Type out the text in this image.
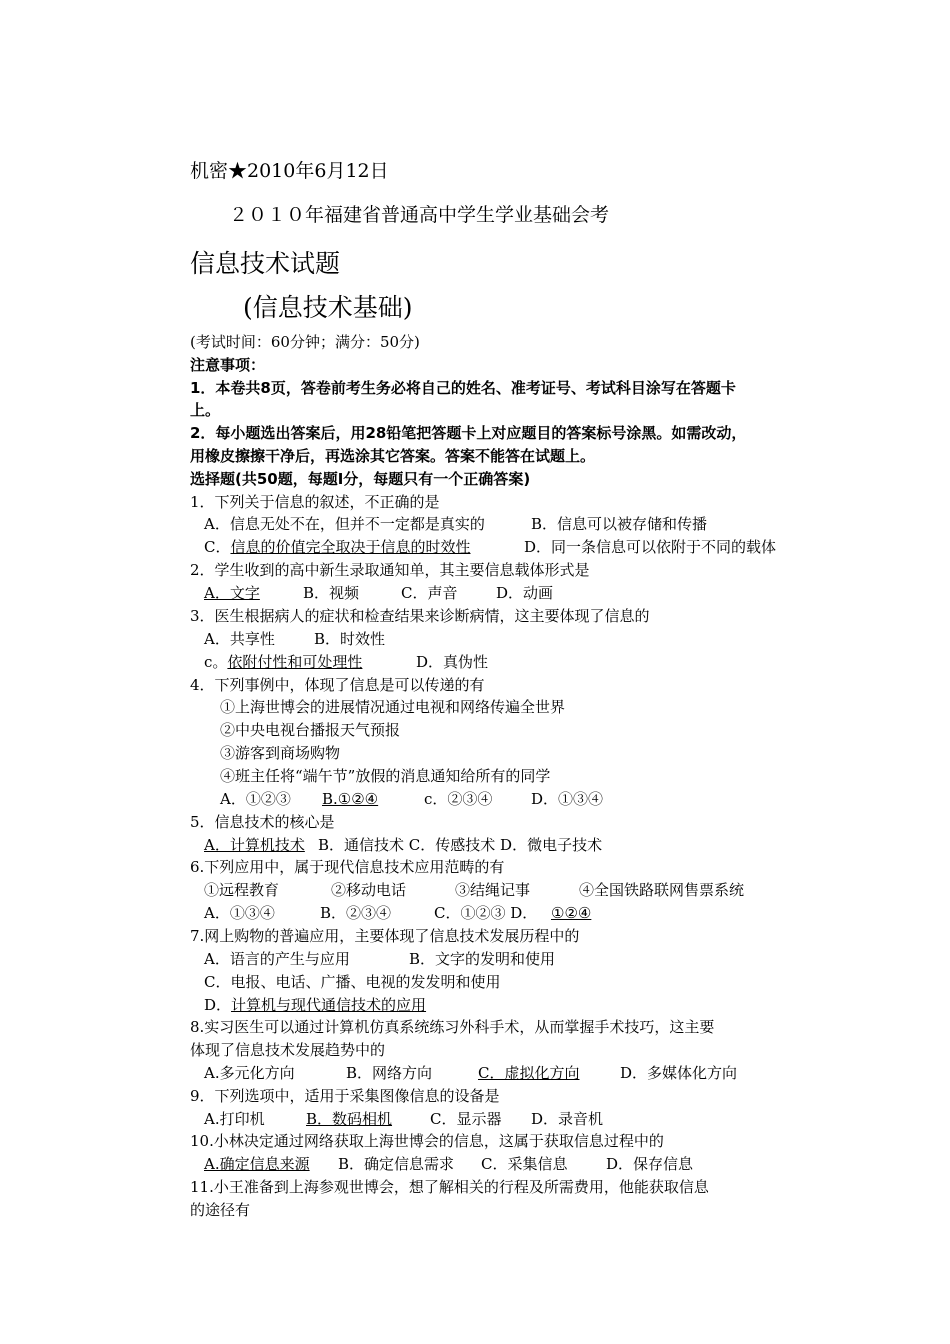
机密★2010年6月12日
２０１０年福建省普通高中学生学业基础会考
信息技术试题
(信息技术基础)
(考试时间：60分钟；满分：50分)
注意事项：
1．本卷共8页，答卷前考生务必将自己的姓名、准考证号、考试科目涂写在答题卡
上。
2．每小题选出答案后，用28铅笔把答题卡上对应题目的答案标号涂黑。如需改动，
用橡皮擦擦干净后，再选涂其它答案。答案不能答在试题上。
选择题(共50题，每题Ⅰ分，每题只有一个正确答案)
1．下列关于信息的叙述，不正确的是
A．信息无处不在，但并不一定都是真实的	B．信息可以被存储和传播
C．信息的价值完全取决于信息的时效性	D．同一条信息可以依附于不同的载体
2．学生收到的高中新生录取通知单，其主要信息载体形式是
A．文字	B．视频	C．声音	D．动画
3．医生根据病人的症状和检查结果来诊断病情，这主要体现了信息的
A．共享性	B．时效性
c。依附付性和可处理性	D．真伪性
4．下列事例中，体现了信息是可以传递的有
①上海世博会的进展情况通过电视和网络传遍全世界
②中央电视台播报天气预报
③游客到商场购物
④班主任将“端午节”放假的消息通知给所有的同学
A．①②③ B.①②④	c．②③④	D．①③④
5．信息技术的核心是
A．计算机技术 B．通信技术 C．传感技术 D．微电子技术
6.下列应用中，属于现代信息技术应用范畴的有
①远程教育	②移动电话	③结绳记事	④全国铁路联网售票系统
A．①③④	B．②③④	C．①②③ D． ①②④
7.网上购物的普遍应用，主要体现了信息技术发展历程中的
A．语言的产生与应用	B．文字的发明和使用
C．电报、电话、广播、电视的发发明和使用
D．计算机与现代通信技术的应用
8.实习医生可以通过计算机仿真系统练习外科手术，从而掌握手术技巧，这主要
体现了信息技术发展趋势中的
A.多元化方向	B．网络方向	C．虚拟化方向	D．多媒体化方向
9．下列选项中，适用于采集图像信息的设备是
A.打印机	B．数码相机	C．显示器 D．录音机
10.小林决定通过网络获取上海世博会的信息，这属于获取信息过程中的
A.确定信息来源 B．确定信息需求 C．采集信息	D．保存信息
11.小王准备到上海参观世博会，想了解相关的行程及所需费用，他能获取信息
的途径有
